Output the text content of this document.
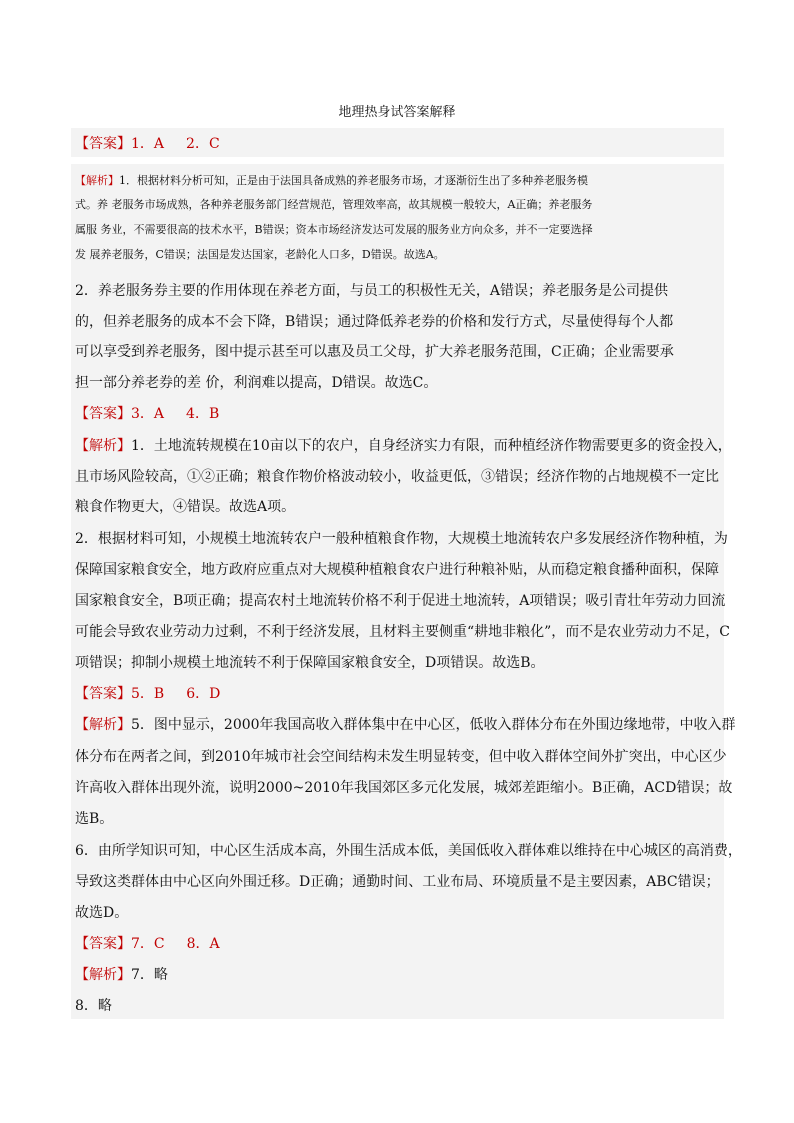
地理热身试答案解释
【答案】1．A 2．C
【解析】1．根据材料分析可知，正是由于法国具备成熟的养老服务市场，才逐渐衍生出了多种养老服务模
式。养 老服务市场成熟，各种养老服务部门经营规范，管理效率高，故其规模一般较大，A正确；养老服务
属服 务业，不需要很高的技术水平，B错误；资本市场经济发达可发展的服务业方向众多，并不一定要选择
发 展养老服务，C错误；法国是发达国家，老龄化人口多，D错误。故选A。
2．养老服务券主要的作用体现在养老方面，与员工的积极性无关，A错误；养老服务是公司提供
的，但养老服务的成本不会下降，B错误；通过降低养老券的价格和发行方式，尽量使得每个人都
可以享受到养老服务，图中提示甚至可以惠及员工父母，扩大养老服务范围，C正确；企业需要承
担一部分养老券的差 价，利润难以提高，D错误。故选C。
【答案】3．A 4．B
【解析】1．土地流转规模在10亩以下的农户，自身经济实力有限，而种植经济作物需要更多的资金投入，
且市场风险较高，①②正确；粮食作物价格波动较小，收益更低，③错误；经济作物的占地规模不一定比
粮食作物更大，④错误。故选A项。
2．根据材料可知，小规模土地流转农户一般种植粮食作物，大规模土地流转农户多发展经济作物种植，为
保障国家粮食安全，地方政府应重点对大规模种植粮食农户进行种粮补贴，从而稳定粮食播种面积，保障
国家粮食安全，B项正确；提高农村土地流转价格不利于促进土地流转，A项错误；吸引青壮年劳动力回流
可能会导致农业劳动力过剩，不利于经济发展，且材料主要侧重“耕地非粮化”，而不是农业劳动力不足，C
项错误；抑制小规模土地流转不利于保障国家粮食安全，D项错误。故选B。
【答案】5．B 6．D
【解析】5．图中显示，2000年我国高收入群体集中在中心区，低收入群体分布在外围边缘地带，中收入群
体分布在两者之间，到2010年城市社会空间结构未发生明显转变，但中收入群体空间外扩突出，中心区少
许高收入群体出现外流，说明2000~2010年我国郊区多元化发展，城郊差距缩小。B正确，ACD错误；故
选B。
6．由所学知识可知，中心区生活成本高，外围生活成本低，美国低收入群体难以维持在中心城区的高消费，
导致这类群体由中心区向外围迁移。D正确；通勤时间、工业布局、环境质量不是主要因素，ABC错误；
故选D。
【答案】7．C 8．A
【解析】7．略
8．略
